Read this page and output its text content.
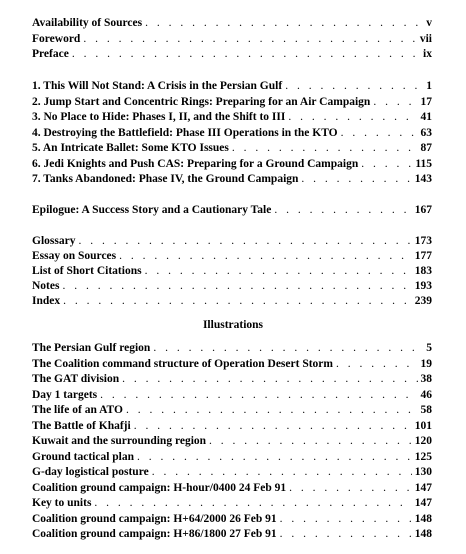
Availability of Sources . . .	v
Foreword . . .	vii
Preface . . .	ix
1. This Will Not Stand: A Crisis in the Persian Gulf . . .	1
2. Jump Start and Concentric Rings: Preparing for an Air Campaign . . .	17
3. No Place to Hide: Phases I, II, and the Shift to III . . .	41
4. Destroying the Battlefield: Phase III Operations in the KTO . . .	63
5. An Intricate Ballet: Some KTO Issues . . .	87
6. Jedi Knights and Push CAS: Preparing for a Ground Campaign . . .	115
7. Tanks Abandoned: Phase IV, the Ground Campaign . . .	143
Epilogue: A Success Story and a Cautionary Tale . . .	167
Glossary . . .	173
Essay on Sources . . .	177
List of Short Citations . . .	183
Notes . . .	193
Index . . .	239
Illustrations
The Persian Gulf region . . .	5
The Coalition command structure of Operation Desert Storm . . .	19
The GAT division . . .	38
Day 1 targets . . .	46
The life of an ATO . . .	58
The Battle of Khafji . . .	101
Kuwait and the surrounding region . . .	120
Ground tactical plan . . .	125
G-day logistical posture . . .	130
Coalition ground campaign: H-hour/0400 24 Feb 91 . . .	147
Key to units . . .	147
Coalition ground campaign: H+64/2000 26 Feb 91 . . .	148
Coalition ground campaign: H+86/1800 27 Feb 91 . . .	148
